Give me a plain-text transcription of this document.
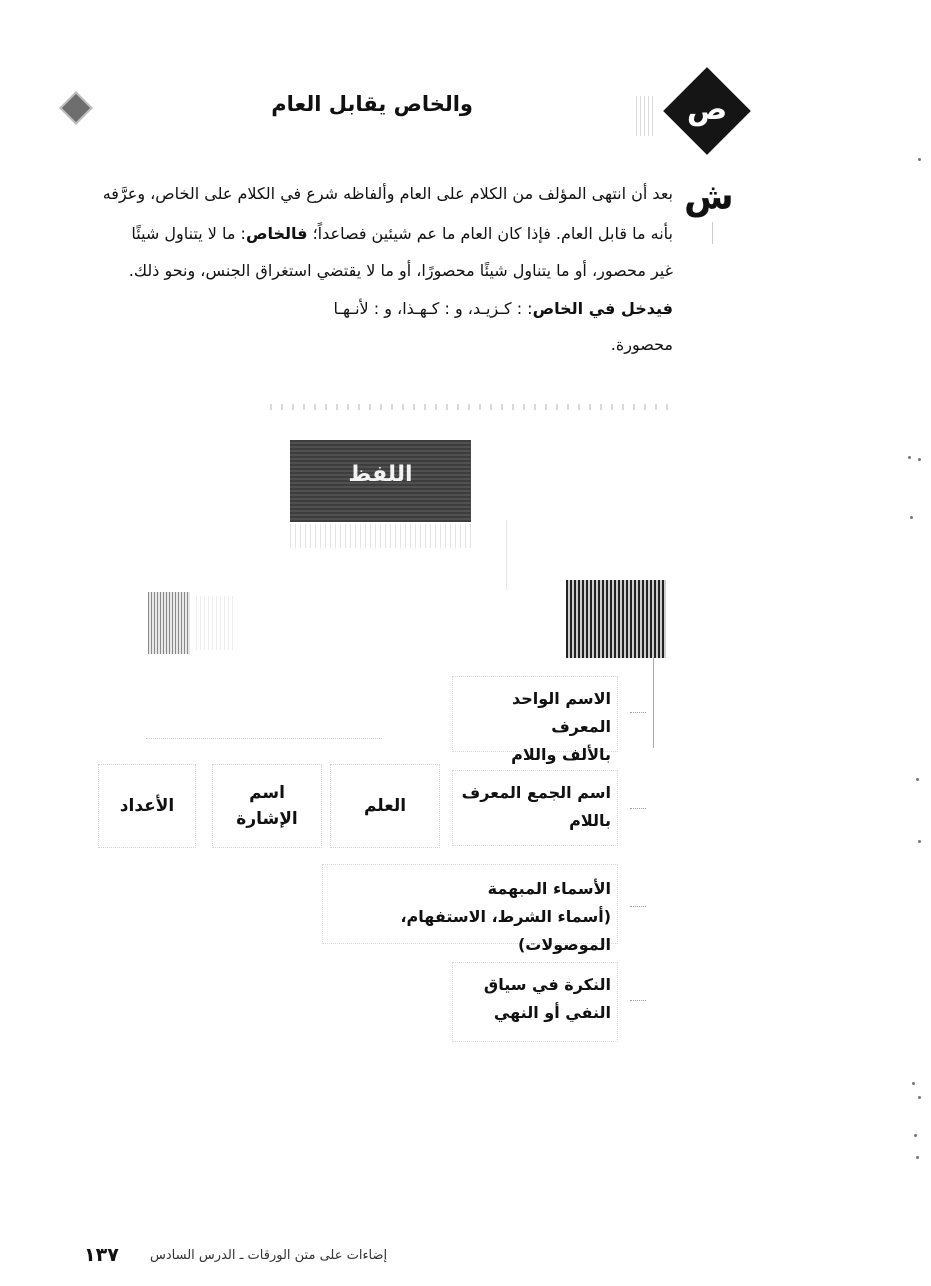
والخاص يقابل العام	ص
ش
بعد أن انتهى المؤلف من الكلام على العام وألفاظه شرع في الكلام على الخاص، وعرَّفه
بأنه ما قابل العام. فإذا كان العام ما عم شيئين فصاعداً؛ فالخاص: ما لا يتناول شيئًا
غير محصور، أو ما يتناول شيئًا محصورًا، أو ما لا يقتضي استغراق الجنس، ونحو ذلك.
فيدخل في الخاص: : كـزيـد، و : كـهـذا، و : لأنـهـا
محصورة.
اللفظ
الاسم الواحد المعرف
بالألف واللام
اسم الجمع المعرف
باللام
الأسماء المبهمة
(أسماء الشرط، الاستفهام، الموصولات)
النكرة في سياق
النفي أو النهي
الأعداد
اسم
الإشارة
العلم
١٣٧ إضاءات على متن الورقات ـ الدرس السادس
